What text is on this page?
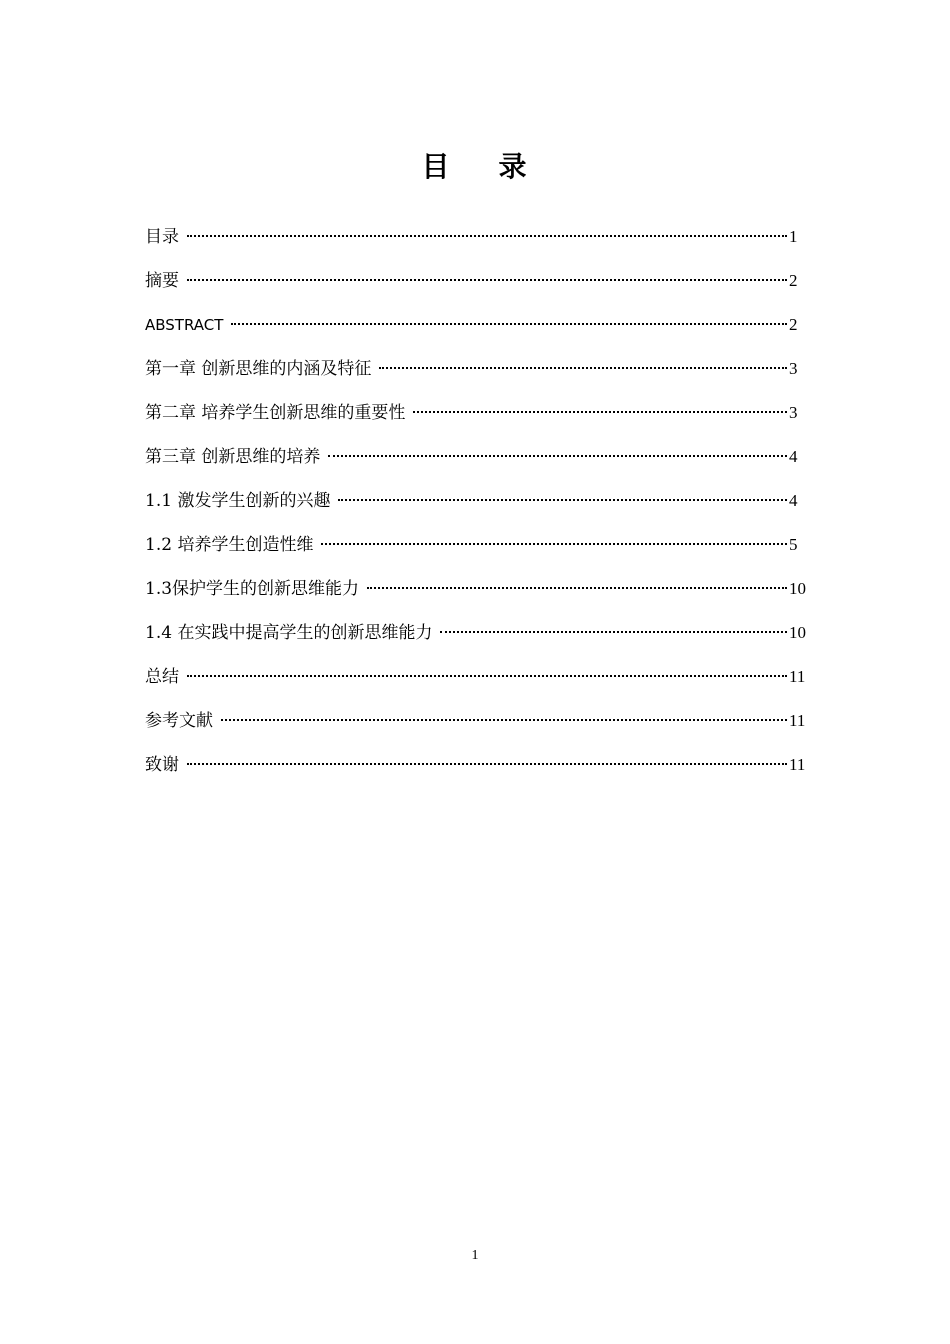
目    录
目录	1
摘要	2
ABSTRACT	2
第一章 创新思维的内涵及特征	3
第二章 培养学生创新思维的重要性	3
第三章 创新思维的培养	4
1.1 激发学生创新的兴趣	4
1.2 培养学生创造性维	5
1.3保护学生的创新思维能力	10
1.4 在实践中提高学生的创新思维能力	10
总结	11
参考文献	11
致谢	11
1
